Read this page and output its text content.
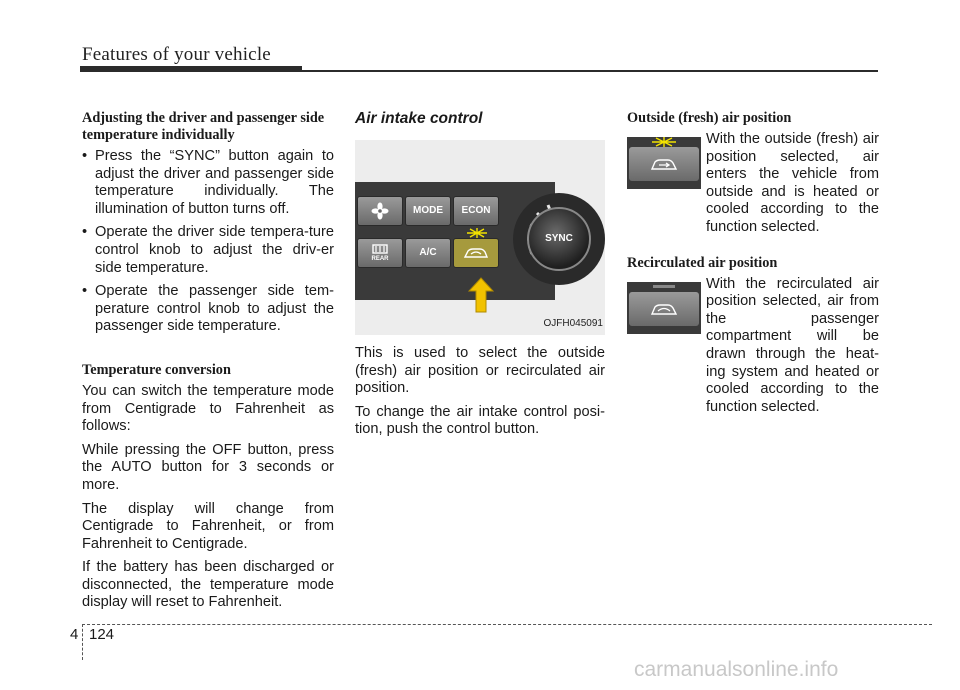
Features of your vehicle
Adjusting the driver and passenger side temperature individually
• Press the “SYNC” button again to adjust the driver and passenger side temperature individually. The illumination of button turns off.
• Operate the driver side tempera-ture control knob to adjust the driv-er side temperature.
• Operate the passenger side tem-perature control knob to adjust the passenger side temperature.
Temperature conversion

You can switch the temperature mode from Centigrade to Fahrenheit as follows:

While pressing the OFF button, press the AUTO button for 3 seconds or more.

The display will change from Centigrade to Fahrenheit, or from Fahrenheit to Centigrade.

If the battery has been discharged or disconnected, the temperature mode display will reset to Fahrenheit.

Air intake control
MODE	ECON
REAR
A/C
SYNC
OJFH045091

This is used to select the outside (fresh) air position or recirculated air position.

To change the air intake control posi-tion, push the control button.

Outside (fresh) air position

With the outside (fresh) air position selected, air enters the vehicle from outside and is heated or cooled according to the function selected.

Recirculated air position

With the recirculated air position selected, air from the passenger compartment will be drawn through the heat-ing system and heated or cooled according to the function selected.

4 124
carmanualsonline.info
